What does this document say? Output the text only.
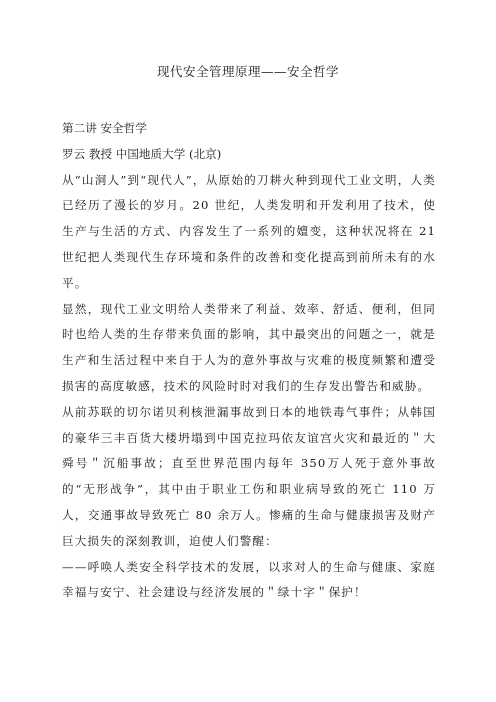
现代安全管理原理——安全哲学

第二讲 安全哲学

罗云 教授 中国地质大学 (北京)

从“山洞人”到“现代人”，从原始的刀耕火种到现代工业文明，人类已经历了漫长的岁月。20 世纪，人类发明和开发利用了技术，使生产与生活的方式、内容发生了一系列的嬗变，这种状况将在 21 世纪把人类现代生存环境和条件的改善和变化提高到前所未有的水平。

显然，现代工业文明给人类带来了利益、效率、舒适、便利，但同时也给人类的生存带来负面的影响，其中最突出的问题之一，就是生产和生活过程中来自于人为的意外事故与灾难的极度频繁和遭受损害的高度敏感，技术的风险时时对我们的生存发出警告和威胁。

从前苏联的切尔诺贝利核泄漏事故到日本的地铁毒气事件；从韩国的豪华三丰百货大楼坍塌到中国克拉玛依友谊宫火灾和最近的＂大舜号＂沉船事故；直至世界范围内每年 350万人死于意外事故的“无形战争”，其中由于职业工伤和职业病导致的死亡 110 万人，交通事故导致死亡 80 余万人。惨痛的生命与健康损害及财产巨大损失的深刻教训，迫使人们警醒：

——呼唤人类安全科学技术的发展，以求对人的生命与健康、家庭幸福与安宁、社会建设与经济发展的＂绿十字＂保护！
